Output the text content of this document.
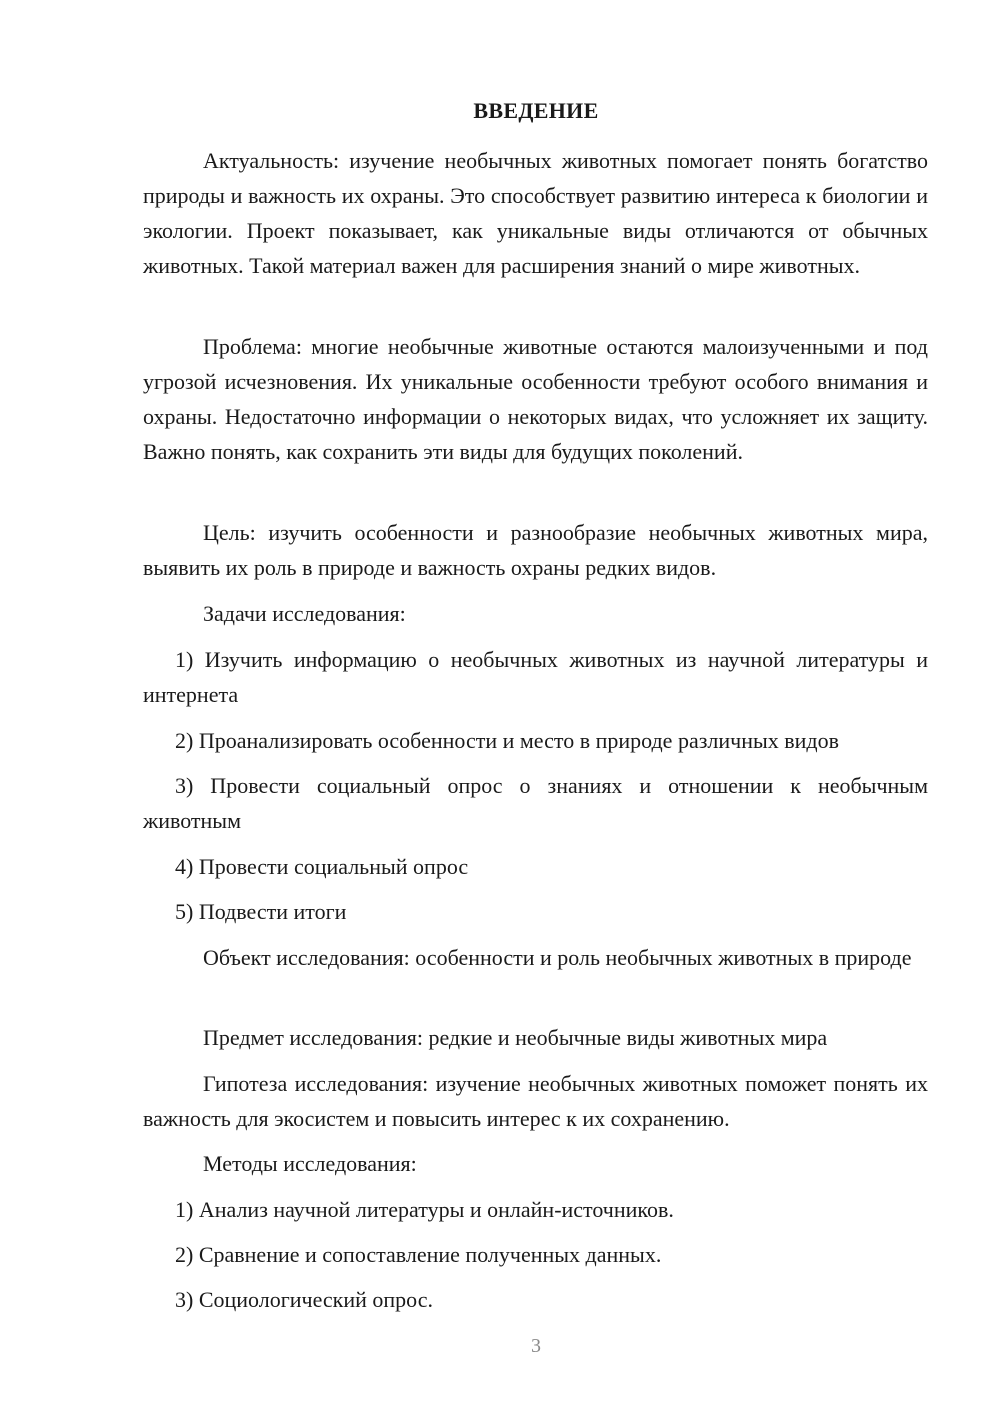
ВВЕДЕНИЕ
Актуальность: изучение необычных животных помогает понять богатство природы и важность их охраны. Это способствует развитию интереса к биологии и экологии. Проект показывает, как уникальные виды отличаются от обычных животных. Такой материал важен для расширения знаний о мире животных.
Проблема: многие необычные животные остаются малоизученными и под угрозой исчезновения. Их уникальные особенности требуют особого внимания и охраны. Недостаточно информации о некоторых видах, что усложняет их защиту. Важно понять, как сохранить эти виды для будущих поколений.
Цель: изучить особенности и разнообразие необычных животных мира, выявить их роль в природе и важность охраны редких видов.
Задачи исследования:
1) Изучить информацию о необычных животных из научной литературы и интернета
2) Проанализировать особенности и место в природе различных видов
3) Провести социальный опрос о знаниях и отношении к необычным животным
4) Провести социальный опрос
5) Подвести итоги
Объект исследования: особенности и роль необычных животных в природе
Предмет исследования: редкие и необычные виды животных мира
Гипотеза исследования: изучение необычных животных поможет понять их важность для экосистем и повысить интерес к их сохранению.
Методы исследования:
1) Анализ научной литературы и онлайн-источников.
2) Сравнение и сопоставление полученных данных.
3) Социологический опрос.
3
